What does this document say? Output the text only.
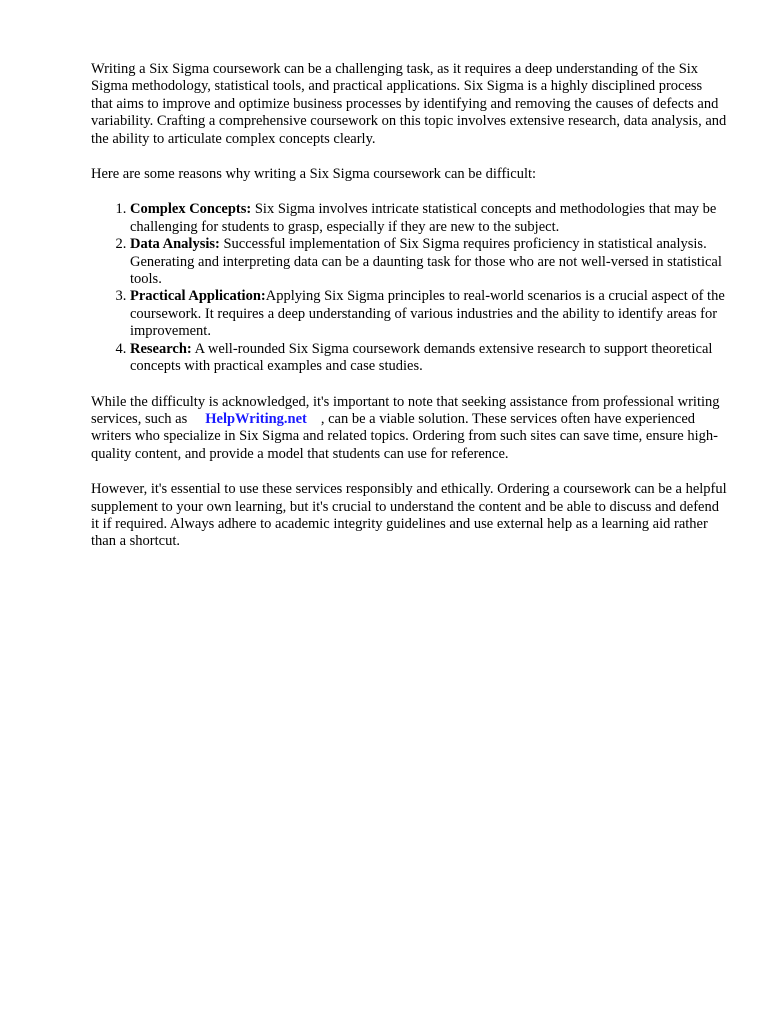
Writing a Six Sigma coursework can be a challenging task, as it requires a deep understanding of the Six Sigma methodology, statistical tools, and practical applications. Six Sigma is a highly disciplined process that aims to improve and optimize business processes by identifying and removing the causes of defects and variability. Crafting a comprehensive coursework on this topic involves extensive research, data analysis, and the ability to articulate complex concepts clearly.

Here are some reasons why writing a Six Sigma coursework can be difficult:

1. Complex Concepts: Six Sigma involves intricate statistical concepts and methodologies that may be challenging for students to grasp, especially if they are new to the subject.
2. Data Analysis: Successful implementation of Six Sigma requires proficiency in statistical analysis. Generating and interpreting data can be a daunting task for those who are not well-versed in statistical tools.
3. Practical Application:Applying Six Sigma principles to real-world scenarios is a crucial aspect of the coursework. It requires a deep understanding of various industries and the ability to identify areas for improvement.
4. Research: A well-rounded Six Sigma coursework demands extensive research to support theoretical concepts with practical examples and case studies.

While the difficulty is acknowledged, it's important to note that seeking assistance from professional writing services, such as HelpWriting.net , can be a viable solution. These services often have experienced writers who specialize in Six Sigma and related topics. Ordering from such sites can save time, ensure high-quality content, and provide a model that students can use for reference.

However, it's essential to use these services responsibly and ethically. Ordering a coursework can be a helpful supplement to your own learning, but it's crucial to understand the content and be able to discuss and defend it if required. Always adhere to academic integrity guidelines and use external help as a learning aid rather than a shortcut.
